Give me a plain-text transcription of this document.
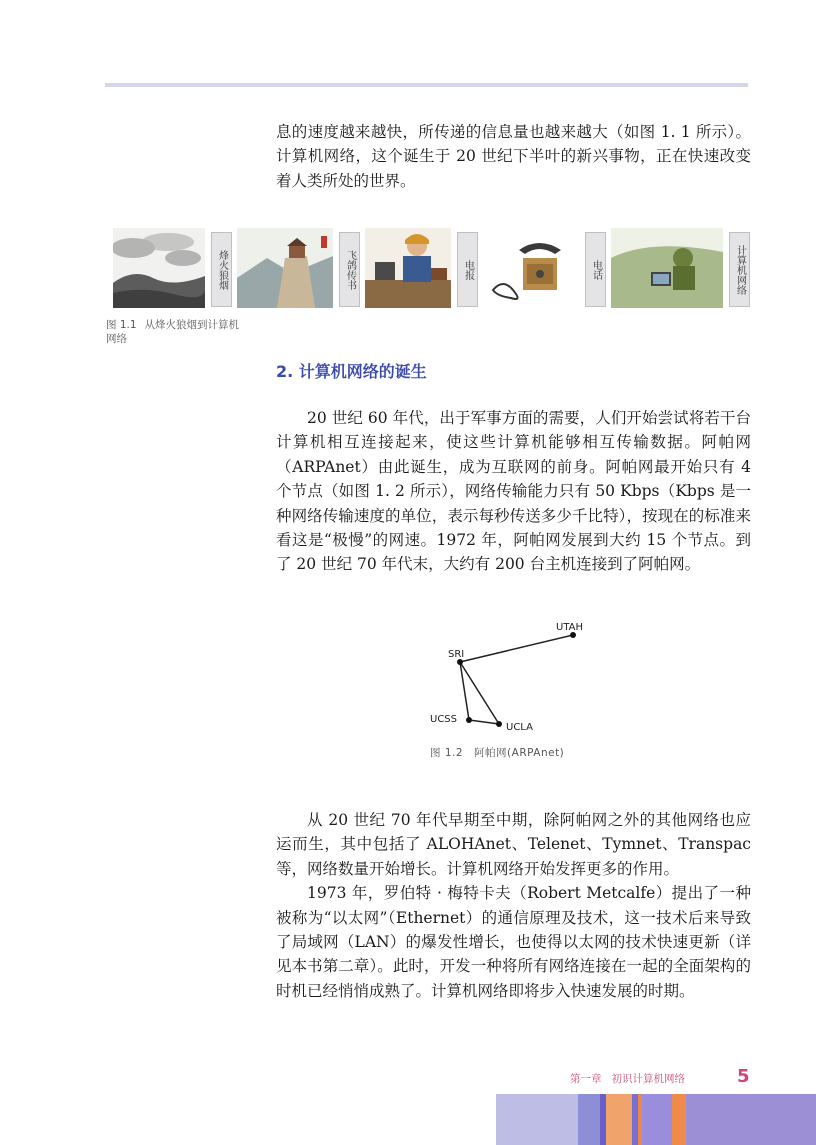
息的速度越来越快，所传递的信息量也越来越大（如图 1. 1 所示）。计算机网络，这个诞生于 20 世纪下半叶的新兴事物，正在快速改变着人类所处的世界。

烽火狼烟	飞鸽传书	电报	电话	计算机网络
图 1.1 从烽火狼烟到计算机网络
2. 计算机网络的诞生

20 世纪 60 年代，出于军事方面的需要，人们开始尝试将若干台计算机相互连接起来，使这些计算机能够相互传输数据。阿帕网（ARPAnet）由此诞生，成为互联网的前身。阿帕网最开始只有 4 个节点（如图 1. 2 所示），网络传输能力只有 50 Kbps（Kbps 是一种网络传输速度的单位，表示每秒传送多少千比特），按现在的标准来看这是“极慢”的网速。1972 年，阿帕网发展到大约 15 个节点。到了 20 世纪 70 年代末，大约有 200 台主机连接到了阿帕网。

UTAH
SRI
UCSS
UCLA
图 1.2　阿帕网(ARPAnet)

从 20 世纪 70 年代早期至中期，除阿帕网之外的其他网络也应运而生，其中包括了 ALOHAnet、Telenet、Tymnet、Transpac 等，网络数量开始增长。计算机网络开始发挥更多的作用。

1973 年，罗伯特 · 梅特卡夫（Robert Metcalfe）提出了一种被称为“以太网”（Ethernet）的通信原理及技术，这一技术后来导致了局域网（LAN）的爆发性增长，也使得以太网的技术快速更新（详见本书第二章）。此时，开发一种将所有网络连接在一起的全面架构的时机已经悄悄成熟了。计算机网络即将步入快速发展的时期。

第一章 初识计算机网络	5
